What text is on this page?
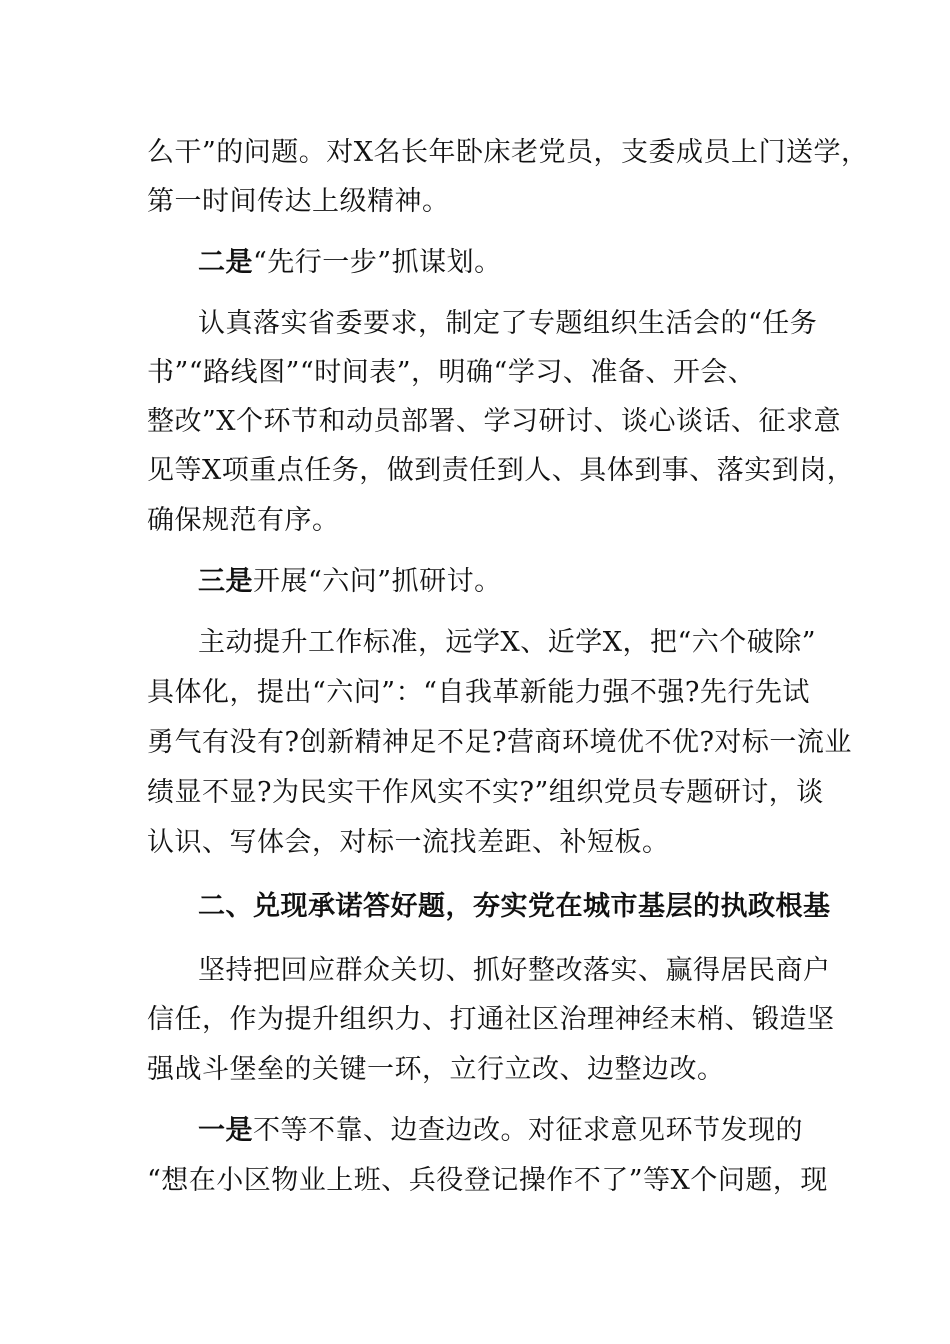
么干”的问题。对X名长年卧床老党员，支委成员上门送学，
第一时间传达上级精神。
二是“先行一步”抓谋划。
认真落实省委要求，制定了专题组织生活会的“任务
书”“路线图”“时间表”，明确“学习、准备、开会、
整改”X个环节和动员部署、学习研讨、谈心谈话、征求意
见等X项重点任务，做到责任到人、具体到事、落实到岗，
确保规范有序。
三是开展“六问”抓研讨。
主动提升工作标准，远学X、近学X，把“六个破除”
具体化，提出“六问”：“自我革新能力强不强?先行先试
勇气有没有?创新精神足不足?营商环境优不优?对标一流业
绩显不显?为民实干作风实不实?”组织党员专题研讨，谈
认识、写体会，对标一流找差距、补短板。
二、兑现承诺答好题，夯实党在城市基层的执政根基
坚持把回应群众关切、抓好整改落实、赢得居民商户
信任，作为提升组织力、打通社区治理神经末梢、锻造坚
强战斗堡垒的关键一环，立行立改、边整边改。
一是不等不靠、边查边改。对征求意见环节发现的
“想在小区物业上班、兵役登记操作不了”等X个问题，现
